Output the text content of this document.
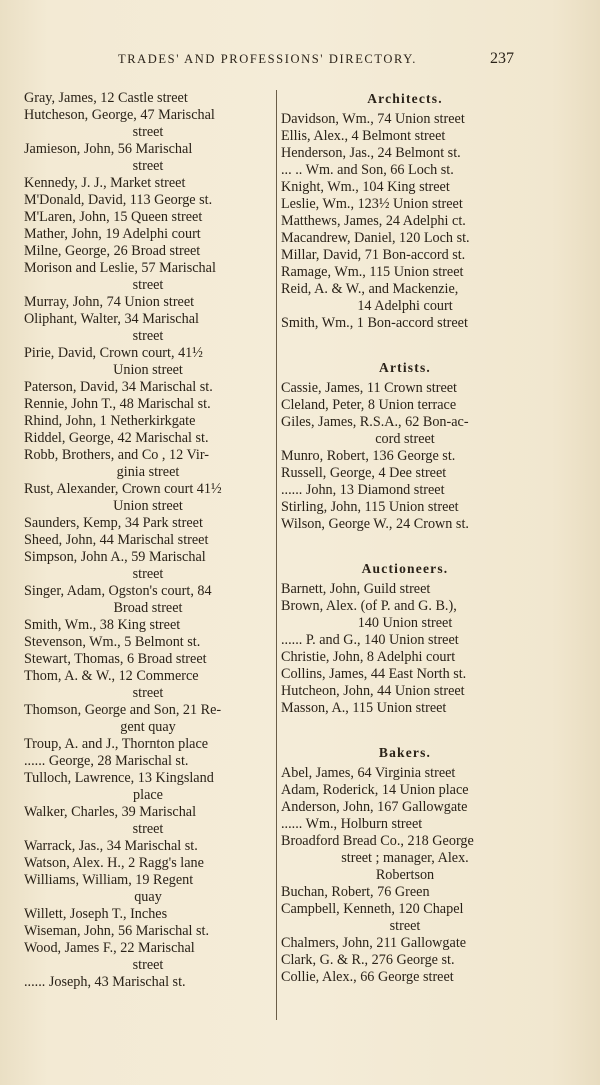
TRADES' AND PROFESSIONS' DIRECTORY.	237
Gray, James, 12 Castle street
Hutcheson, George, 47 Marischal
street
Jamieson, John, 56 Marischal
street
Kennedy, J. J., Market street
M'Donald, David, 113 George st.
M'Laren, John, 15 Queen street
Mather, John, 19 Adelphi court
Milne, George, 26 Broad street
Morison and Leslie, 57 Marischal
street
Murray, John, 74 Union street
Oliphant, Walter, 34 Marischal
street
Pirie, David, Crown court, 41½
Union street
Paterson, David, 34 Marischal st.
Rennie, John T., 48 Marischal st.
Rhind, John, 1 Netherkirkgate
Riddel, George, 42 Marischal st.
Robb, Brothers, and Co , 12 Vir-
ginia street
Rust, Alexander, Crown court 41½
Union street
Saunders, Kemp, 34 Park street
Sheed, John, 44 Marischal street
Simpson, John A., 59 Marischal
street
Singer, Adam, Ogston's court, 84
Broad street
Smith, Wm., 38 King street
Stevenson, Wm., 5 Belmont st.
Stewart, Thomas, 6 Broad street
Thom, A. & W., 12 Commerce
street
Thomson, George and Son, 21 Re-
gent quay
Troup, A. and J., Thornton place
...... George, 28 Marischal st.
Tulloch, Lawrence, 13 Kingsland
place
Walker, Charles, 39 Marischal
street
Warrack, Jas., 34 Marischal st.
Watson, Alex. H., 2 Ragg's lane
Williams, William, 19 Regent
quay
Willett, Joseph T., Inches
Wiseman, John, 56 Marischal st.
Wood, James F., 22 Marischal
street
...... Joseph, 43 Marischal st.
Architects.
Davidson, Wm., 74 Union street
Ellis, Alex., 4 Belmont street
Henderson, Jas., 24 Belmont st.
... .. Wm. and Son, 66 Loch st.
Knight, Wm., 104 King street
Leslie, Wm., 123½ Union street
Matthews, James, 24 Adelphi ct.
Macandrew, Daniel, 120 Loch st.
Millar, David, 71 Bon-accord st.
Ramage, Wm., 115 Union street
Reid, A. & W., and Mackenzie,
14 Adelphi court
Smith, Wm., 1 Bon-accord street
Artists.
Cassie, James, 11 Crown street
Cleland, Peter, 8 Union terrace
Giles, James, R.S.A., 62 Bon-ac-
cord street
Munro, Robert, 136 George st.
Russell, George, 4 Dee street
...... John, 13 Diamond street
Stirling, John, 115 Union street
Wilson, George W., 24 Crown st.
Auctioneers.
Barnett, John, Guild street
Brown, Alex. (of P. and G. B.),
140 Union street
...... P. and G., 140 Union street
Christie, John, 8 Adelphi court
Collins, James, 44 East North st.
Hutcheon, John, 44 Union street
Masson, A., 115 Union street
Bakers.
Abel, James, 64 Virginia street
Adam, Roderick, 14 Union place
Anderson, John, 167 Gallowgate
...... Wm., Holburn street
Broadford Bread Co., 218 George
street ; manager, Alex.
Robertson
Buchan, Robert, 76 Green
Campbell, Kenneth, 120 Chapel
street
Chalmers, John, 211 Gallowgate
Clark, G. & R., 276 George st.
Collie, Alex., 66 George street
